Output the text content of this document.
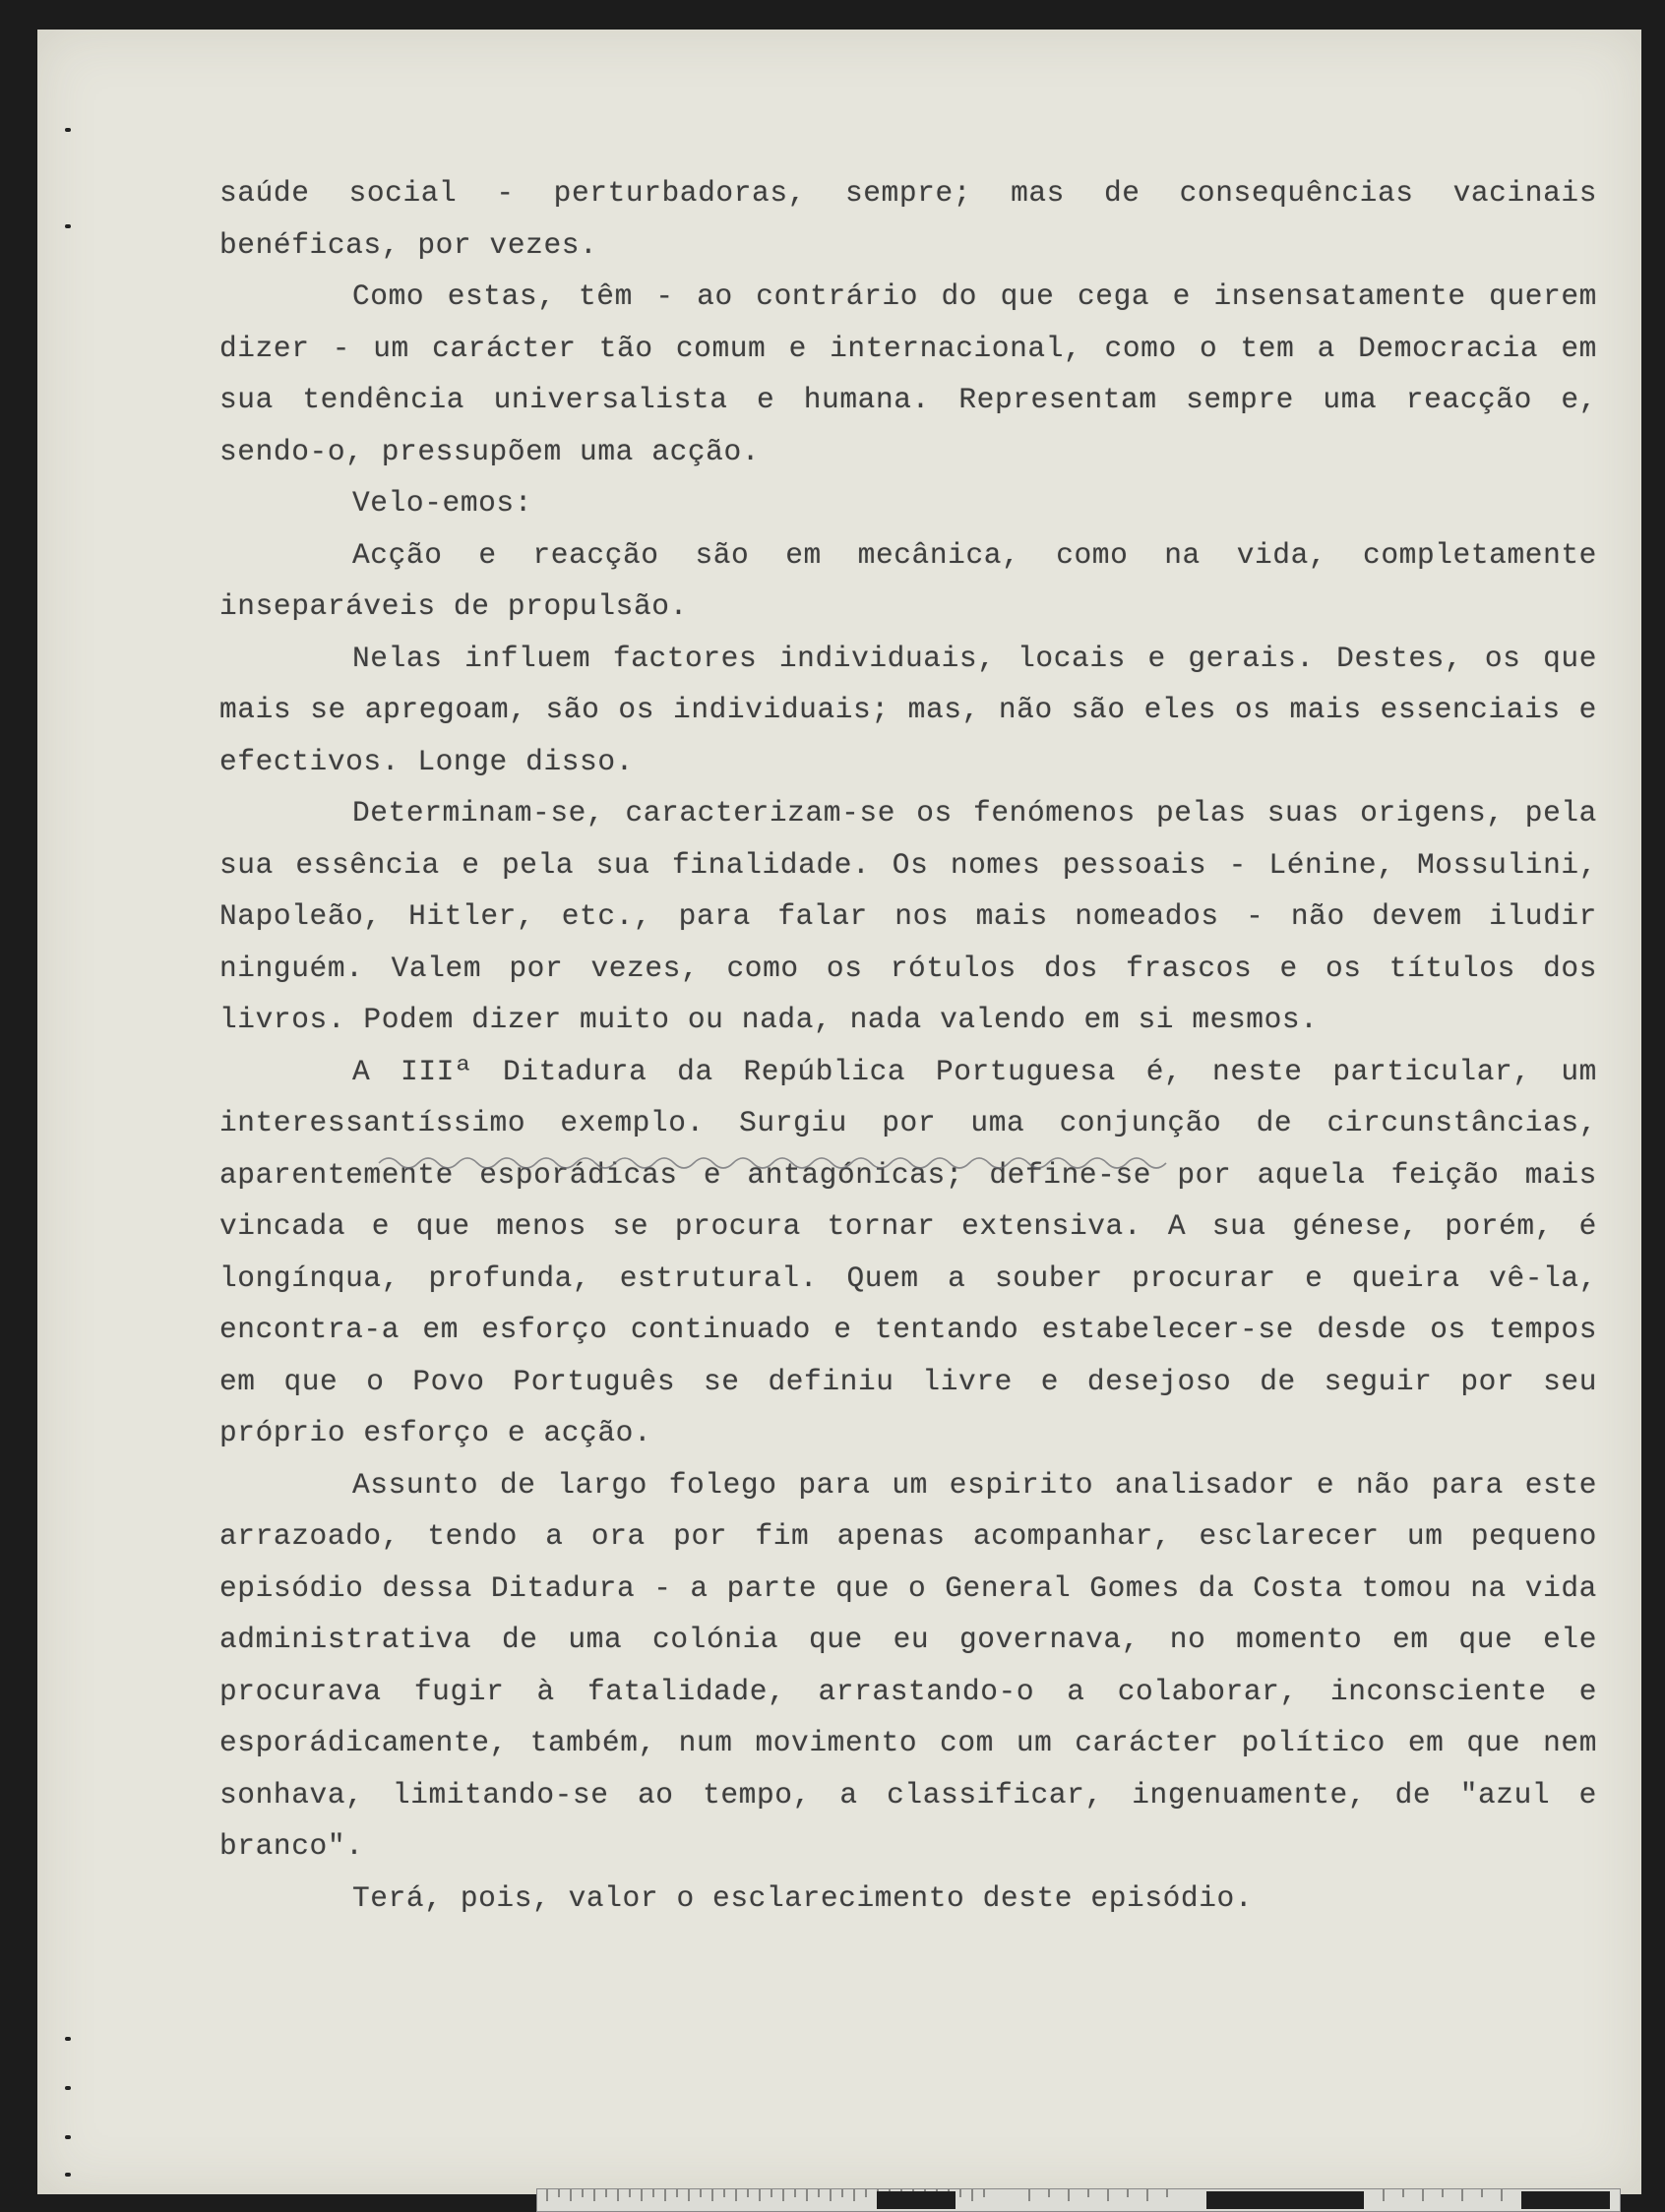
saúde social - perturbadoras, sempre; mas de consequências vacinais benéficas, por vezes.

Como estas, têm - ao contrário do que cega e insensatamente querem dizer - um carácter tão comum e internacional, como o tem a Democracia em sua tendência universalista e humana. Representam sempre uma reacção e, sendo-o, pressupõem uma acção.

Velo-emos:

Acção e reacção são em mecânica, como na vida, completamente inseparáveis de propulsão.

Nelas influem factores individuais, locais e gerais. Destes, os que mais se apregoam, são os individuais; mas, não são eles os mais essenciais e efectivos. Longe disso.

Determinam-se, caracterizam-se os fenómenos pelas suas origens, pela sua essência e pela sua finalidade. Os nomes pessoais - Lénine, Mossulini, Napoleão, Hitler, etc., para falar nos mais nomeados - não devem iludir ninguém. Valem por vezes, como os rótulos dos frascos e os títulos dos livros. Podem dizer muito ou nada, nada valendo em si mesmos.

A IIIª Ditadura da República Portuguesa é, neste particular, um interessantíssimo exemplo. Surgiu por uma conjunção de circunstâncias, aparentemente esporádicas e antagónicas; define-se por aquela feição mais vincada e que menos se procura tornar extensiva. A sua génese, porém, é longínqua, profunda, estrutural. Quem a souber procurar e queira vê-la, encontra-a em esforço continuado e tentando estabelecer-se desde os tempos em que o Povo Português se definiu livre e desejoso de seguir por seu próprio esforço e acção.

Assunto de largo folego para um espirito analisador e não para este arrazoado, tendo a ora por fim apenas acompanhar, esclarecer um pequeno episódio dessa Ditadura - a parte que o General Gomes da Costa tomou na vida administrativa de uma colónia que eu governava, no momento em que ele procurava fugir à fatalidade, arrastando-o a colaborar, inconsciente e esporádicamente, também, num movimento com um carácter político em que nem sonhava, limitando-se ao tempo, a classificar, ingenuamente, de "azul e branco".

Terá, pois, valor o esclarecimento deste episódio.
